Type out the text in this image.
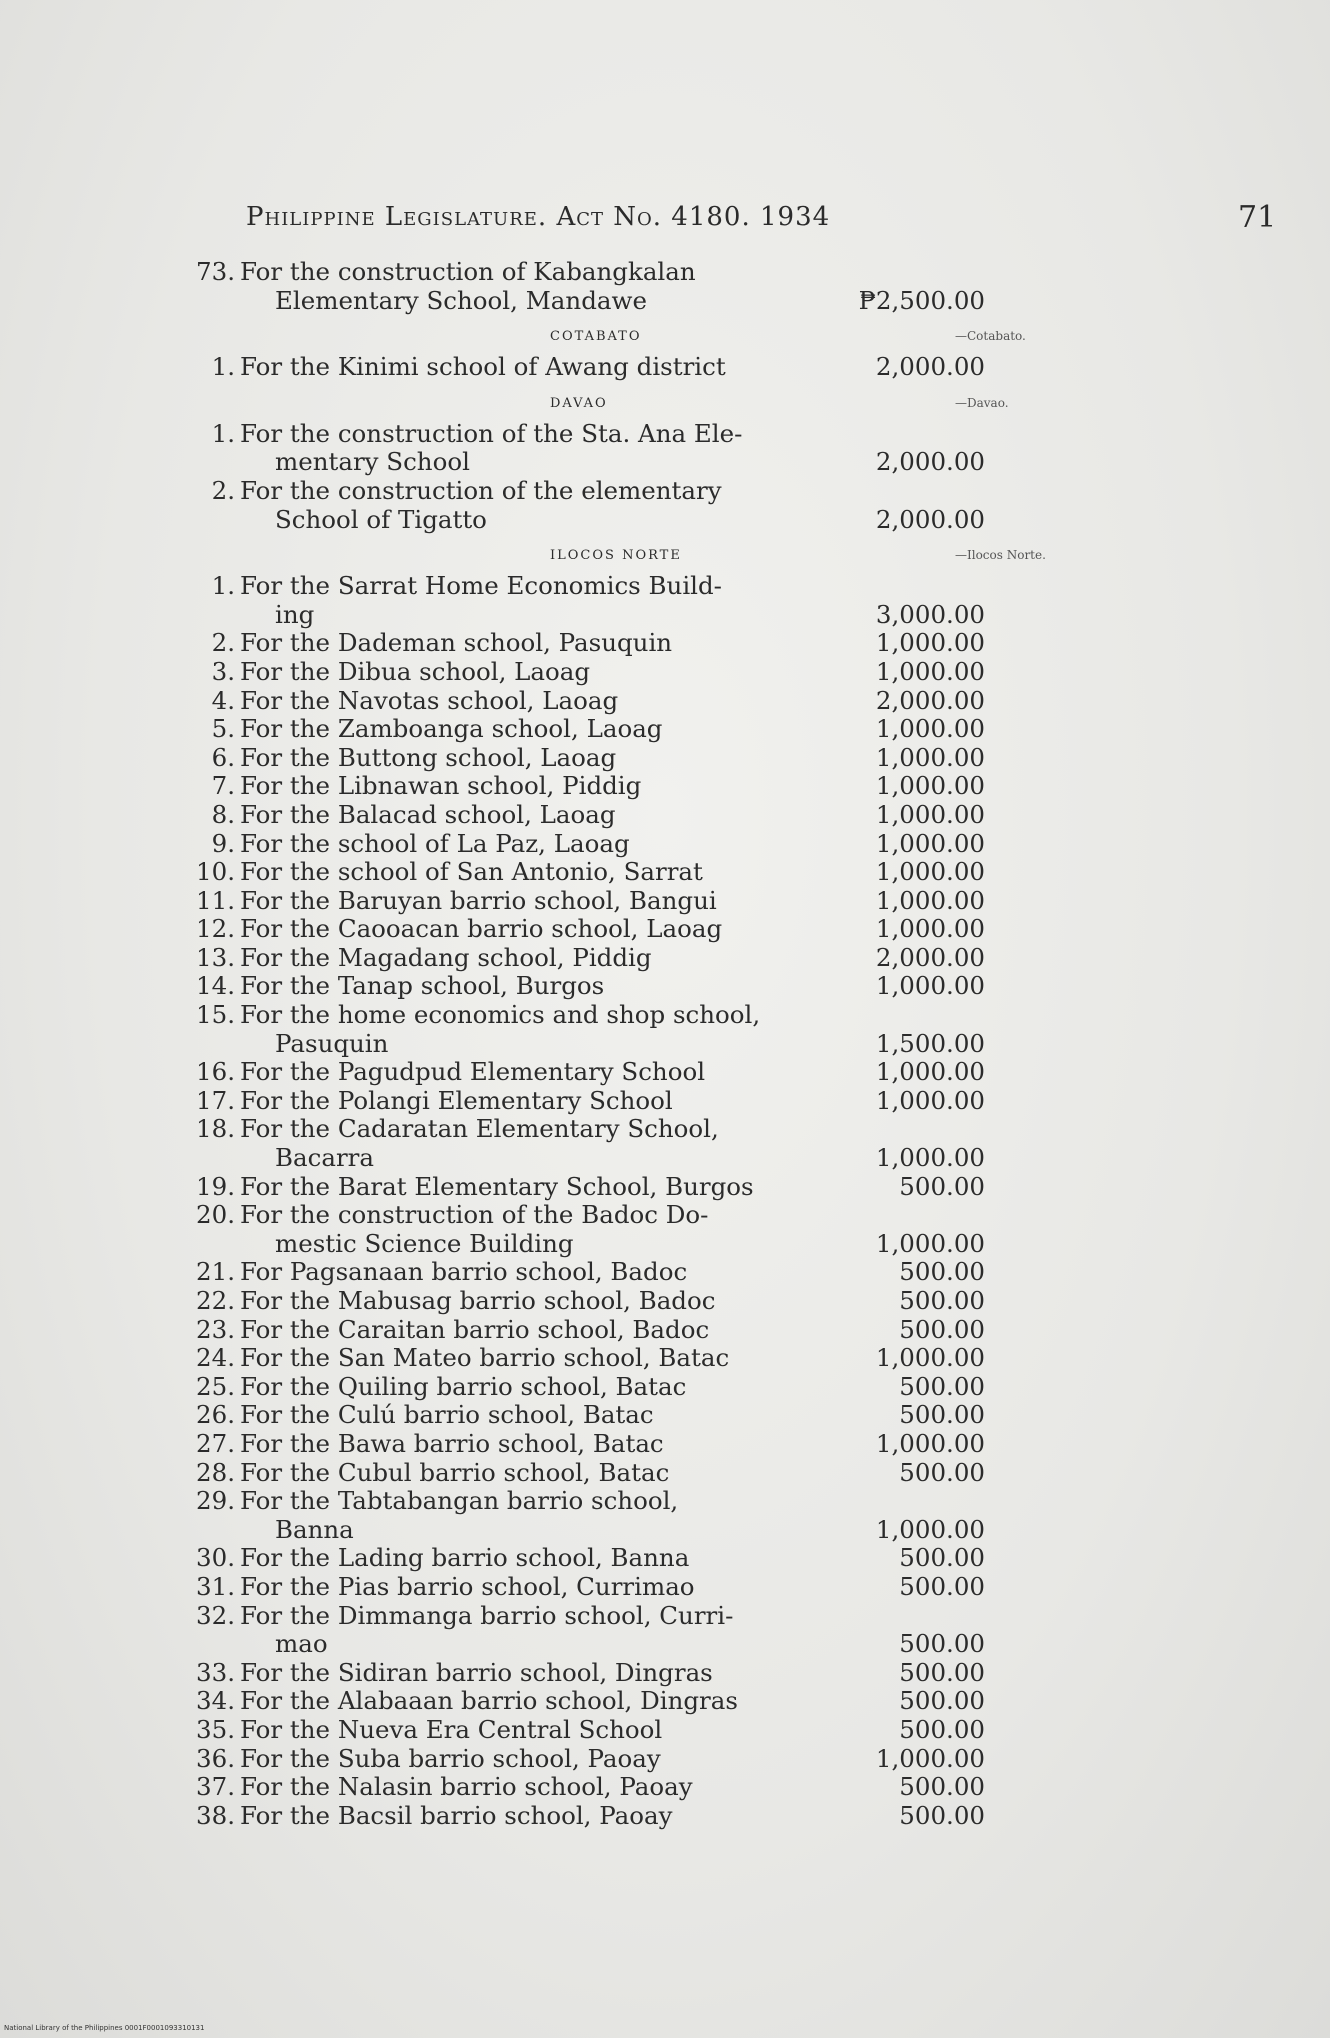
Philippine Legislature. Act No. 4180. 1934	71
73. For the construction of Kabangkalan
Elementary School, Mandawe	₱2,500.00
COTABATO	—Cotabato.
1. For the Kinimi school of Awang district	2,000.00
DAVAO	—Davao.
1. For the construction of the Sta. Ana Ele-
mentary School	2,000.00
2. For the construction of the elementary
School of Tigatto	2,000.00
ILOCOS NORTE	—Ilocos Norte.
1. For the Sarrat Home Economics Build-
ing	3,000.00
2. For the Dademan school, Pasuquin	1,000.00
3. For the Dibua school, Laoag	1,000.00
4. For the Navotas school, Laoag	2,000.00
5. For the Zamboanga school, Laoag	1,000.00
6. For the Buttong school, Laoag	1,000.00
7. For the Libnawan school, Piddig	1,000.00
8. For the Balacad school, Laoag	1,000.00
9. For the school of La Paz, Laoag	1,000.00
10. For the school of San Antonio, Sarrat	1,000.00
11. For the Baruyan barrio school, Bangui	1,000.00
12. For the Caooacan barrio school, Laoag	1,000.00
13. For the Magadang school, Piddig	2,000.00
14. For the Tanap school, Burgos	1,000.00
15. For the home economics and shop school,
Pasuquin	1,500.00
16. For the Pagudpud Elementary School	1,000.00
17. For the Polangi Elementary School	1,000.00
18. For the Cadaratan Elementary School,
Bacarra	1,000.00
19. For the Barat Elementary School, Burgos	500.00
20. For the construction of the Badoc Do-
mestic Science Building	1,000.00
21. For Pagsanaan barrio school, Badoc	500.00
22. For the Mabusag barrio school, Badoc	500.00
23. For the Caraitan barrio school, Badoc	500.00
24. For the San Mateo barrio school, Batac	1,000.00
25. For the Quiling barrio school, Batac	500.00
26. For the Culú barrio school, Batac	500.00
27. For the Bawa barrio school, Batac	1,000.00
28. For the Cubul barrio school, Batac	500.00
29. For the Tabtabangan barrio school,
Banna	1,000.00
30. For the Lading barrio school, Banna	500.00
31. For the Pias barrio school, Currimao	500.00
32. For the Dimmanga barrio school, Curri-
mao	500.00
33. For the Sidiran barrio school, Dingras	500.00
34. For the Alabaaan barrio school, Dingras	500.00
35. For the Nueva Era Central School	500.00
36. For the Suba barrio school, Paoay	1,000.00
37. For the Nalasin barrio school, Paoay	500.00
38. For the Bacsil barrio school, Paoay	500.00
National Library of the Philippines 0001F0001093310131
